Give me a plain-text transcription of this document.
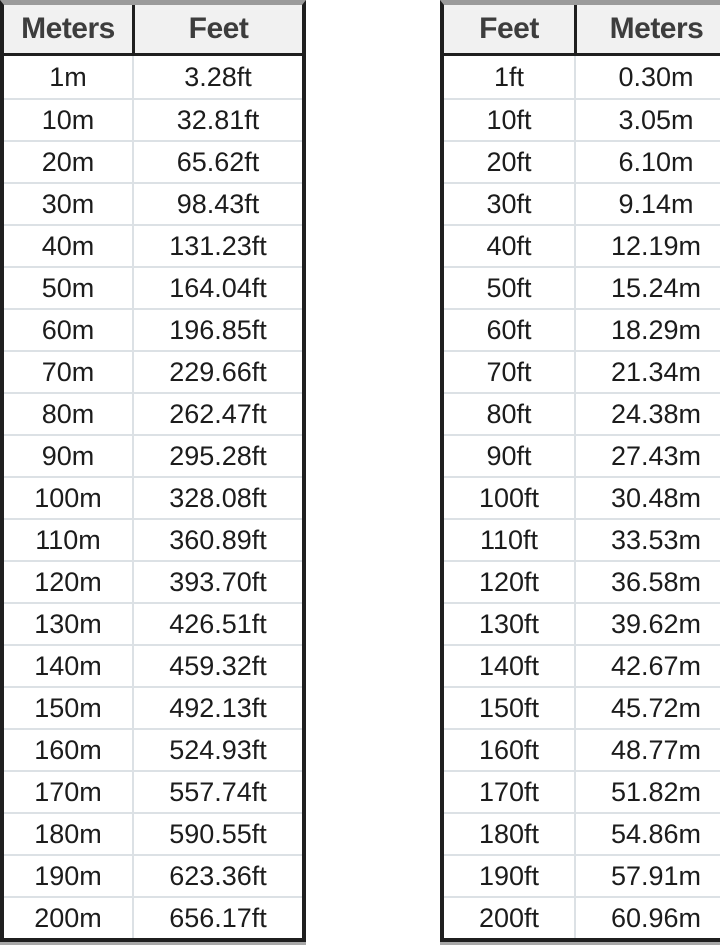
Meters	Feet
1m	3.28ft
10m	32.81ft
20m	65.62ft
30m	98.43ft
40m	131.23ft
50m	164.04ft
60m	196.85ft
70m	229.66ft
80m	262.47ft
90m	295.28ft
100m	328.08ft
110m	360.89ft
120m	393.70ft
130m	426.51ft
140m	459.32ft
150m	492.13ft
160m	524.93ft
170m	557.74ft
180m	590.55ft
190m	623.36ft
200m	656.17ft
Feet	Meters
1ft	0.30m
10ft	3.05m
20ft	6.10m
30ft	9.14m
40ft	12.19m
50ft	15.24m
60ft	18.29m
70ft	21.34m
80ft	24.38m
90ft	27.43m
100ft	30.48m
110ft	33.53m
120ft	36.58m
130ft	39.62m
140ft	42.67m
150ft	45.72m
160ft	48.77m
170ft	51.82m
180ft	54.86m
190ft	57.91m
200ft	60.96m
